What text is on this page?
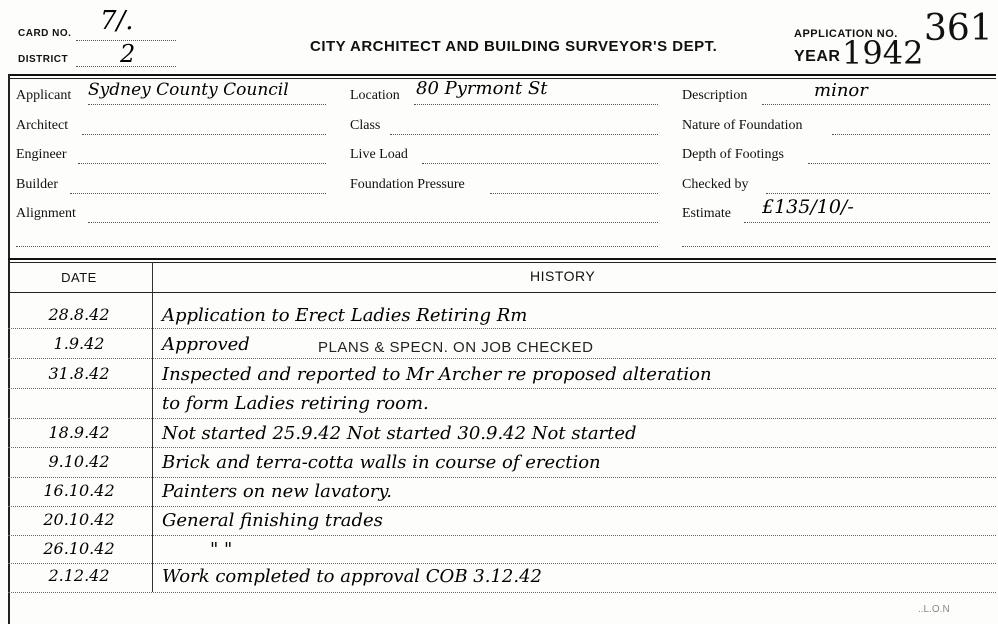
CARD NO. 7/.
DISTRICT 2	CITY ARCHITECT AND BUILDING SURVEYOR'S DEPT.
APPLICATION NO. 361
YEAR 1942
Applicant Sydney County Council
Architect
Engineer
Builder
Alignment
Location 80 Pyrmont St
Class
Live Load
Foundation Pressure
Description	minor
Nature of Foundation
Depth of Footings
Checked by
Estimate £135/10/-
DATE	HISTORY
28.8.42	Application to Erect Ladies Retiring Rm
1.9.42	Approved	PLANS & SPECN. ON JOB CHECKED
31.8.42	Inspected and reported to Mr Archer re proposed alteration
to form Ladies retiring room.
18.9.42	Not started 25.9.42 Not started 30.9.42 Not started
9.10.42	Brick and terra-cotta walls in course of erection
16.10.42	Painters on new lavatory.
20.10.42	General finishing trades
26.10.42	" "
2.12.42	Work completed to approval COB 3.12.42
..L.O.N
